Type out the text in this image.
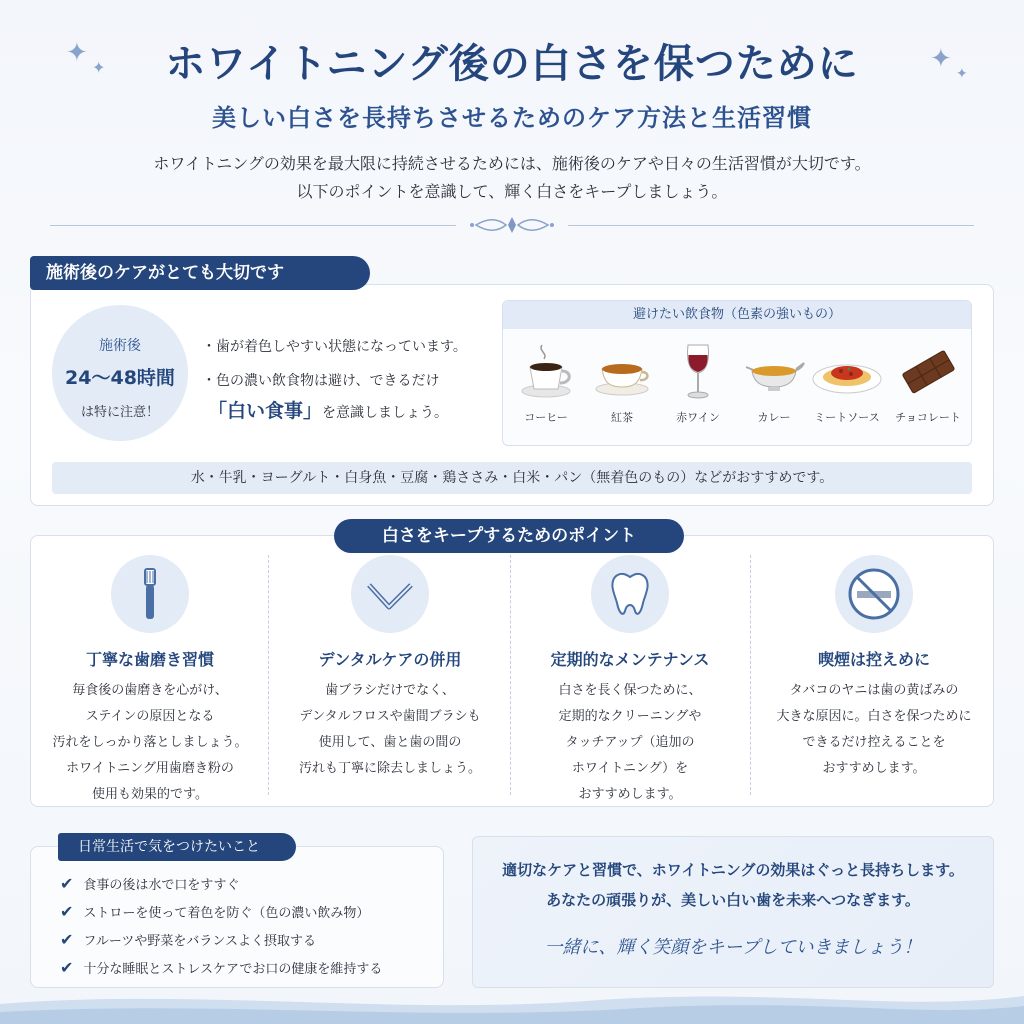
✦ ✦	✦ ✦
ホワイトニング後の白さを保つために
美しい白さを長持ちさせるためのケア方法と生活習慣
ホワイトニングの効果を最大限に持続させるためには、施術後のケアや日々の生活習慣が大切です。
以下のポイントを意識して、輝く白さをキープしましょう。
施術後のケアがとても大切です
施術後
24～48時間
は特に注意！
・歯が着色しやすい状態になっています。
・色の濃い飲食物は避け、できるだけ
「白い食事」を意識しましょう。
避けたい飲食物（色素の強いもの）
コーヒー	紅茶	赤ワイン	カレー	ミートソース	チョコレート
水・牛乳・ヨーグルト・白身魚・豆腐・鶏ささみ・白米・パン（無着色のもの）などがおすすめです。
白さをキープするためのポイント
丁寧な歯磨き習慣
毎食後の歯磨きを心がけ、
ステインの原因となる
汚れをしっかり落としましょう。
ホワイトニング用歯磨き粉の
使用も効果的です。
デンタルケアの併用
歯ブラシだけでなく、
デンタルフロスや歯間ブラシも
使用して、歯と歯の間の
汚れも丁寧に除去しましょう。
定期的なメンテナンス
白さを長く保つために、
定期的なクリーニングや
タッチアップ（追加の
ホワイトニング）を
おすすめします。
喫煙は控えめに
タバコのヤニは歯の黄ばみの
大きな原因に。白さを保つために
できるだけ控えることを
おすすめします。
日常生活で気をつけたいこと
✔ 食事の後は水で口をすすぐ
✔ ストローを使って着色を防ぐ（色の濃い飲み物）
✔ フルーツや野菜をバランスよく摂取する
✔ 十分な睡眠とストレスケアでお口の健康を維持する
適切なケアと習慣で、ホワイトニングの効果はぐっと長持ちします。
あなたの頑張りが、美しい白い歯を未来へつなぎます。
一緒に、輝く笑顔をキープしていきましょう！
